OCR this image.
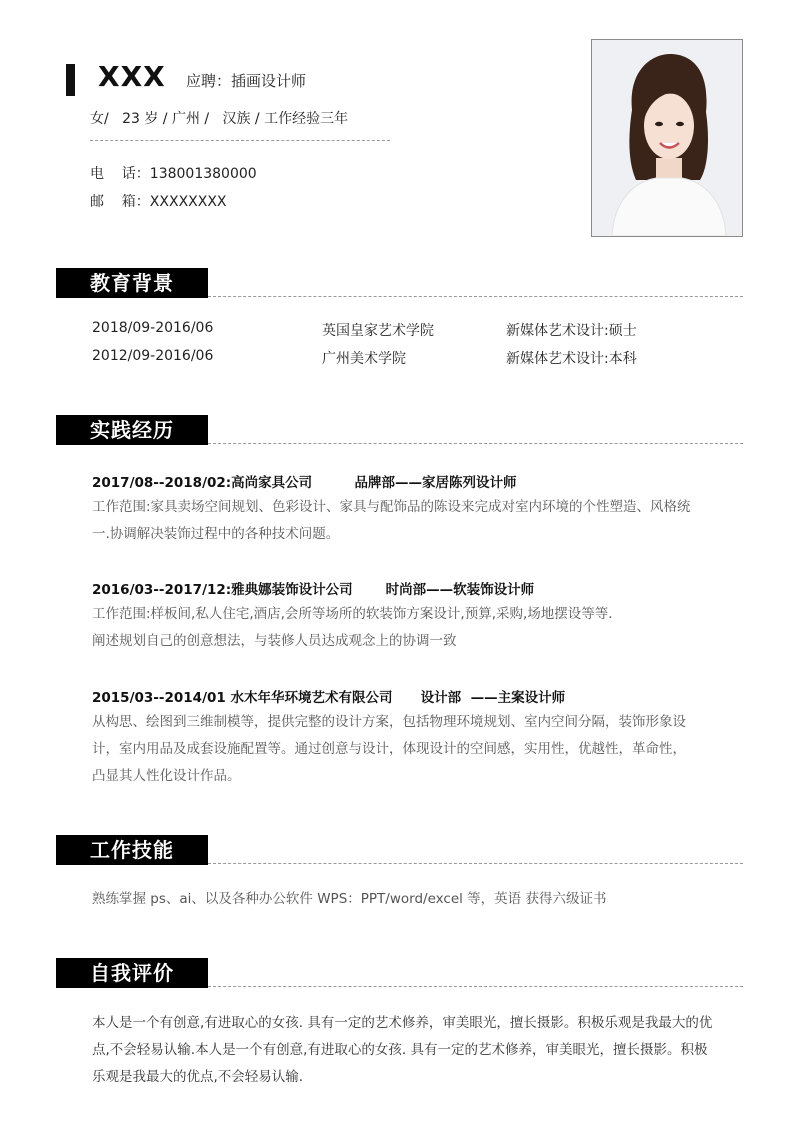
XXX 应聘：插画设计师
女/   23 岁 / 广州 /   汉族 / 工作经验三年
电    话：138001380000
邮    箱：XXXXXXXX
教育背景
2018/09-2016/06	英国皇家艺术学院	新媒体艺术设计:硕士
2012/09-2016/06	广州美术学院	新媒体艺术设计:本科
实践经历
2017/08--2018/02:高尚家具公司         品牌部——家居陈列设计师
工作范围:家具卖场空间规划、色彩设计、家具与配饰品的陈设来完成对室内环境的个性塑造、风格统
一.协调解决装饰过程中的各种技术问题。
2016/03--2017/12:雅典娜装饰设计公司       时尚部——软装饰设计师
工作范围:样板间,私人住宅,酒店,会所等场所的软装饰方案设计,预算,采购,场地摆设等等.
阐述规划自己的创意想法，与装修人员达成观念上的协调一致
2015/03--2014/01 水木年华环境艺术有限公司      设计部  ——主案设计师
从构思、绘图到三维制模等，提供完整的设计方案，包括物理环境规划、室内空间分隔，装饰形象设
计，室内用品及成套设施配置等。通过创意与设计，体现设计的空间感，实用性，优越性，革命性，
凸显其人性化设计作品。
工作技能
熟练掌握 ps、ai、以及各种办公软件 WPS：PPT/word/excel 等，英语 获得六级证书
自我评价
本人是一个有创意,有进取心的女孩. 具有一定的艺术修养，审美眼光，擅长摄影。积极乐观是我最大的优
点,不会轻易认输.本人是一个有创意,有进取心的女孩. 具有一定的艺术修养，审美眼光，擅长摄影。积极
乐观是我最大的优点,不会轻易认输.
